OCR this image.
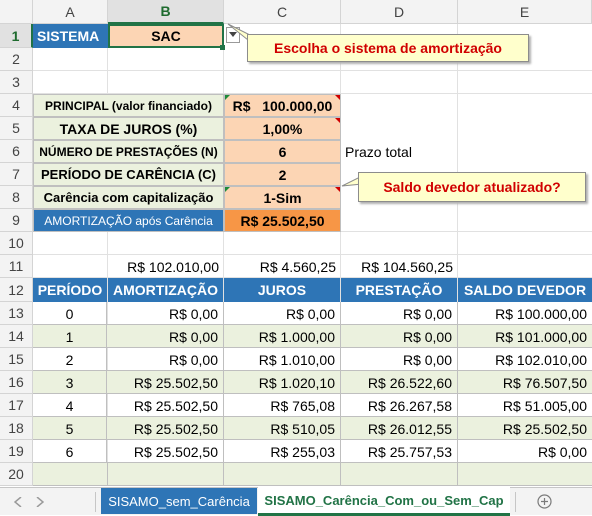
A	B	C	D	E
1
2
3
4
5
6
7
8
9
10
11
12
13
14
15
16
17
18
19
20
SISTEMA	SAC
Escolha o sistema de amortização
PRINCIPAL (valor financiado) R$   100.000,00
TAXA DE JUROS (%)	1,00%
NÚMERO DE PRESTAÇÕES (N)	6	Prazo total
PERÍODO DE CARÊNCIA (C)	2
Carência com capitalização	1-Sim
AMORTIZAÇÃO após Carência R$ 25.502,50
Saldo devedor atualizado?
R$ 102.010,00	R$ 4.560,25	R$ 104.560,25
PERÍODO AMORTIZAÇÃO	JUROS	PRESTAÇÃO	SALDO DEVEDOR
0	R$ 0,00	R$ 0,00	R$ 0,00	R$ 100.000,00
1	R$ 0,00	R$ 1.000,00	R$ 0,00	R$ 101.000,00
2	R$ 0,00	R$ 1.010,00	R$ 0,00	R$ 102.010,00
3	R$ 25.502,50	R$ 1.020,10	R$ 26.522,60	R$ 76.507,50
4	R$ 25.502,50	R$ 765,08	R$ 26.267,58	R$ 51.005,00
5	R$ 25.502,50	R$ 510,05	R$ 26.012,55	R$ 25.502,50
6	R$ 25.502,50	R$ 255,03	R$ 25.757,53	R$ 0,00
SISAMO_sem_Carência SISAMO_Carência_Com_ou_Sem_Cap
